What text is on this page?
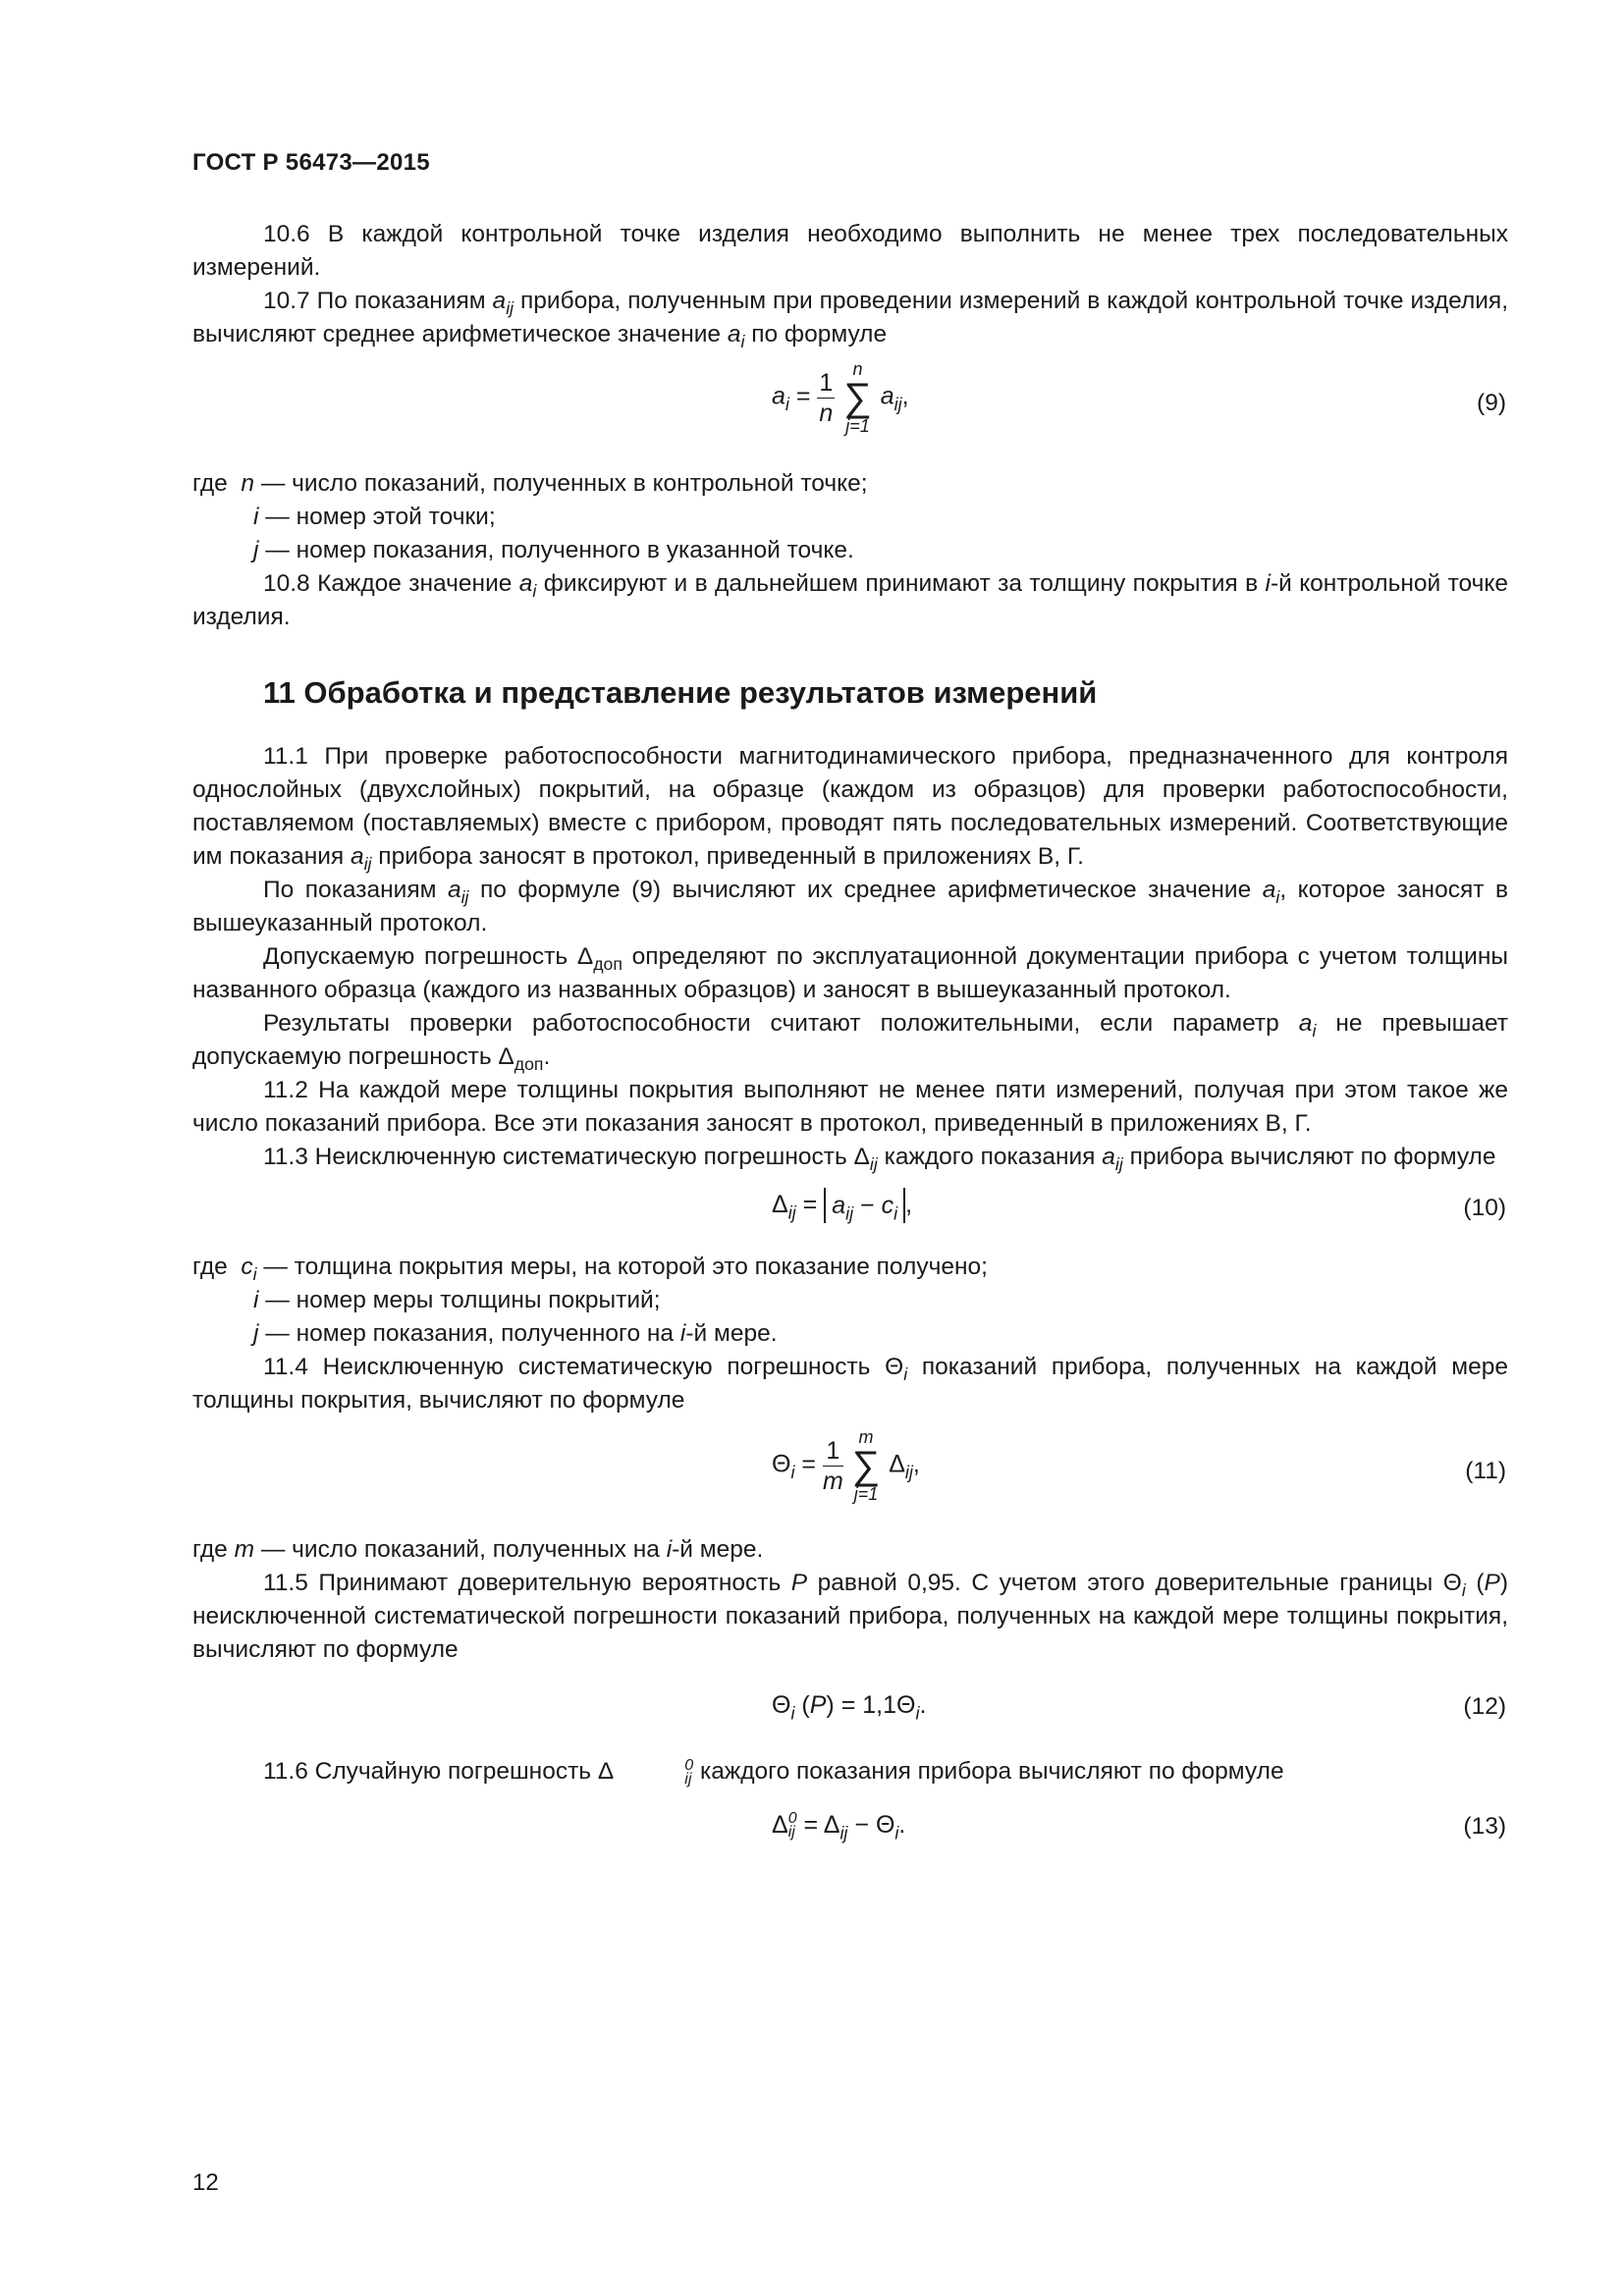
ГОСТ Р 56473—2015

10.6 В каждой контрольной точке изделия необходимо выполнить не менее трех последовательных измерений.

10.7 По показаниям $a_{ij}$ прибора, полученным при проведении измерений в каждой контрольной точке изделия, вычисляют среднее арифметическое значение $a_i$ по формуле

$a_i = \frac{1}{n}$
	n
∑
j=1
$a_{ij}$,	(9)
где n — число показаний, полученных в контрольной точке;
i — номер этой точки;
j — номер показания, полученного в указанной точке.

10.8 Каждое значение $a_i$ фиксируют и в дальнейшем принимают за толщину покрытия в i-й контрольной точке изделия.

11 Обработка и представление результатов измерений

11.1 При проверке работоспособности магнитодинамического прибора, предназначенного для контроля однослойных (двухслойных) покрытий, на образце (каждом из образцов) для проверки работоспособности, поставляемом (поставляемых) вместе с прибором, проводят пять последовательных измерений. Соответствующие им показания $a_{ij}$ прибора заносят в протокол, приведенный в приложениях В, Г.

По показаниям $a_{ij}$ по формуле (9) вычисляют их среднее арифметическое значение $a_i$, которое заносят в вышеуказанный протокол.

Допускаемую погрешность $\Delta_{доп}$ определяют по эксплуатационной документации прибора с учетом толщины названного образца (каждого из названных образцов) и заносят в вышеуказанный протокол.

Результаты проверки работоспособности считают положительными, если параметр $a_i$ не превышает допускаемую погрешность $\Delta_{доп}$.

11.2 На каждой мере толщины покрытия выполняют не менее пяти измерений, получая при этом такое же число показаний прибора. Все эти показания заносят в протокол, приведенный в приложениях В, Г.

11.3 Неисключенную систематическую погрешность $\Delta_{ij}$ каждого показания $a_{ij}$ прибора вычисляют по формуле

$\Delta_{ij} = a_{ij} - c_i$ ,	(10)
где $c_i$ — толщина покрытия меры, на которой это показание получено;
i — номер меры толщины покрытий;
j — номер показания, полученного на i-й мере.

11.4 Неисключенную систематическую погрешность $\Theta_i$ показаний прибора, полученных на каждой мере толщины покрытия, вычисляют по формуле

$\Theta_i = \frac{1}{m}$
m
∑
j=1
$\Delta_{ij}$,	(11)
где m — число показаний, полученных на i-й мере.

11.5 Принимают доверительную вероятность P равной 0,95. С учетом этого доверительные границы $\Theta_i$ (P) неисключенной систематической погрешности показаний прибора, полученных на каждой мере толщины покрытия, вычисляют по формуле

$\Theta_i$ $(P) = 1,1\Theta_i$.	(12)

11.6 Случайную погрешность Δ	0
ij каждого показания прибора вычисляют по формуле

Δ 0
ij = $\Delta_{ij} - \Theta_i$.	(13)
12
